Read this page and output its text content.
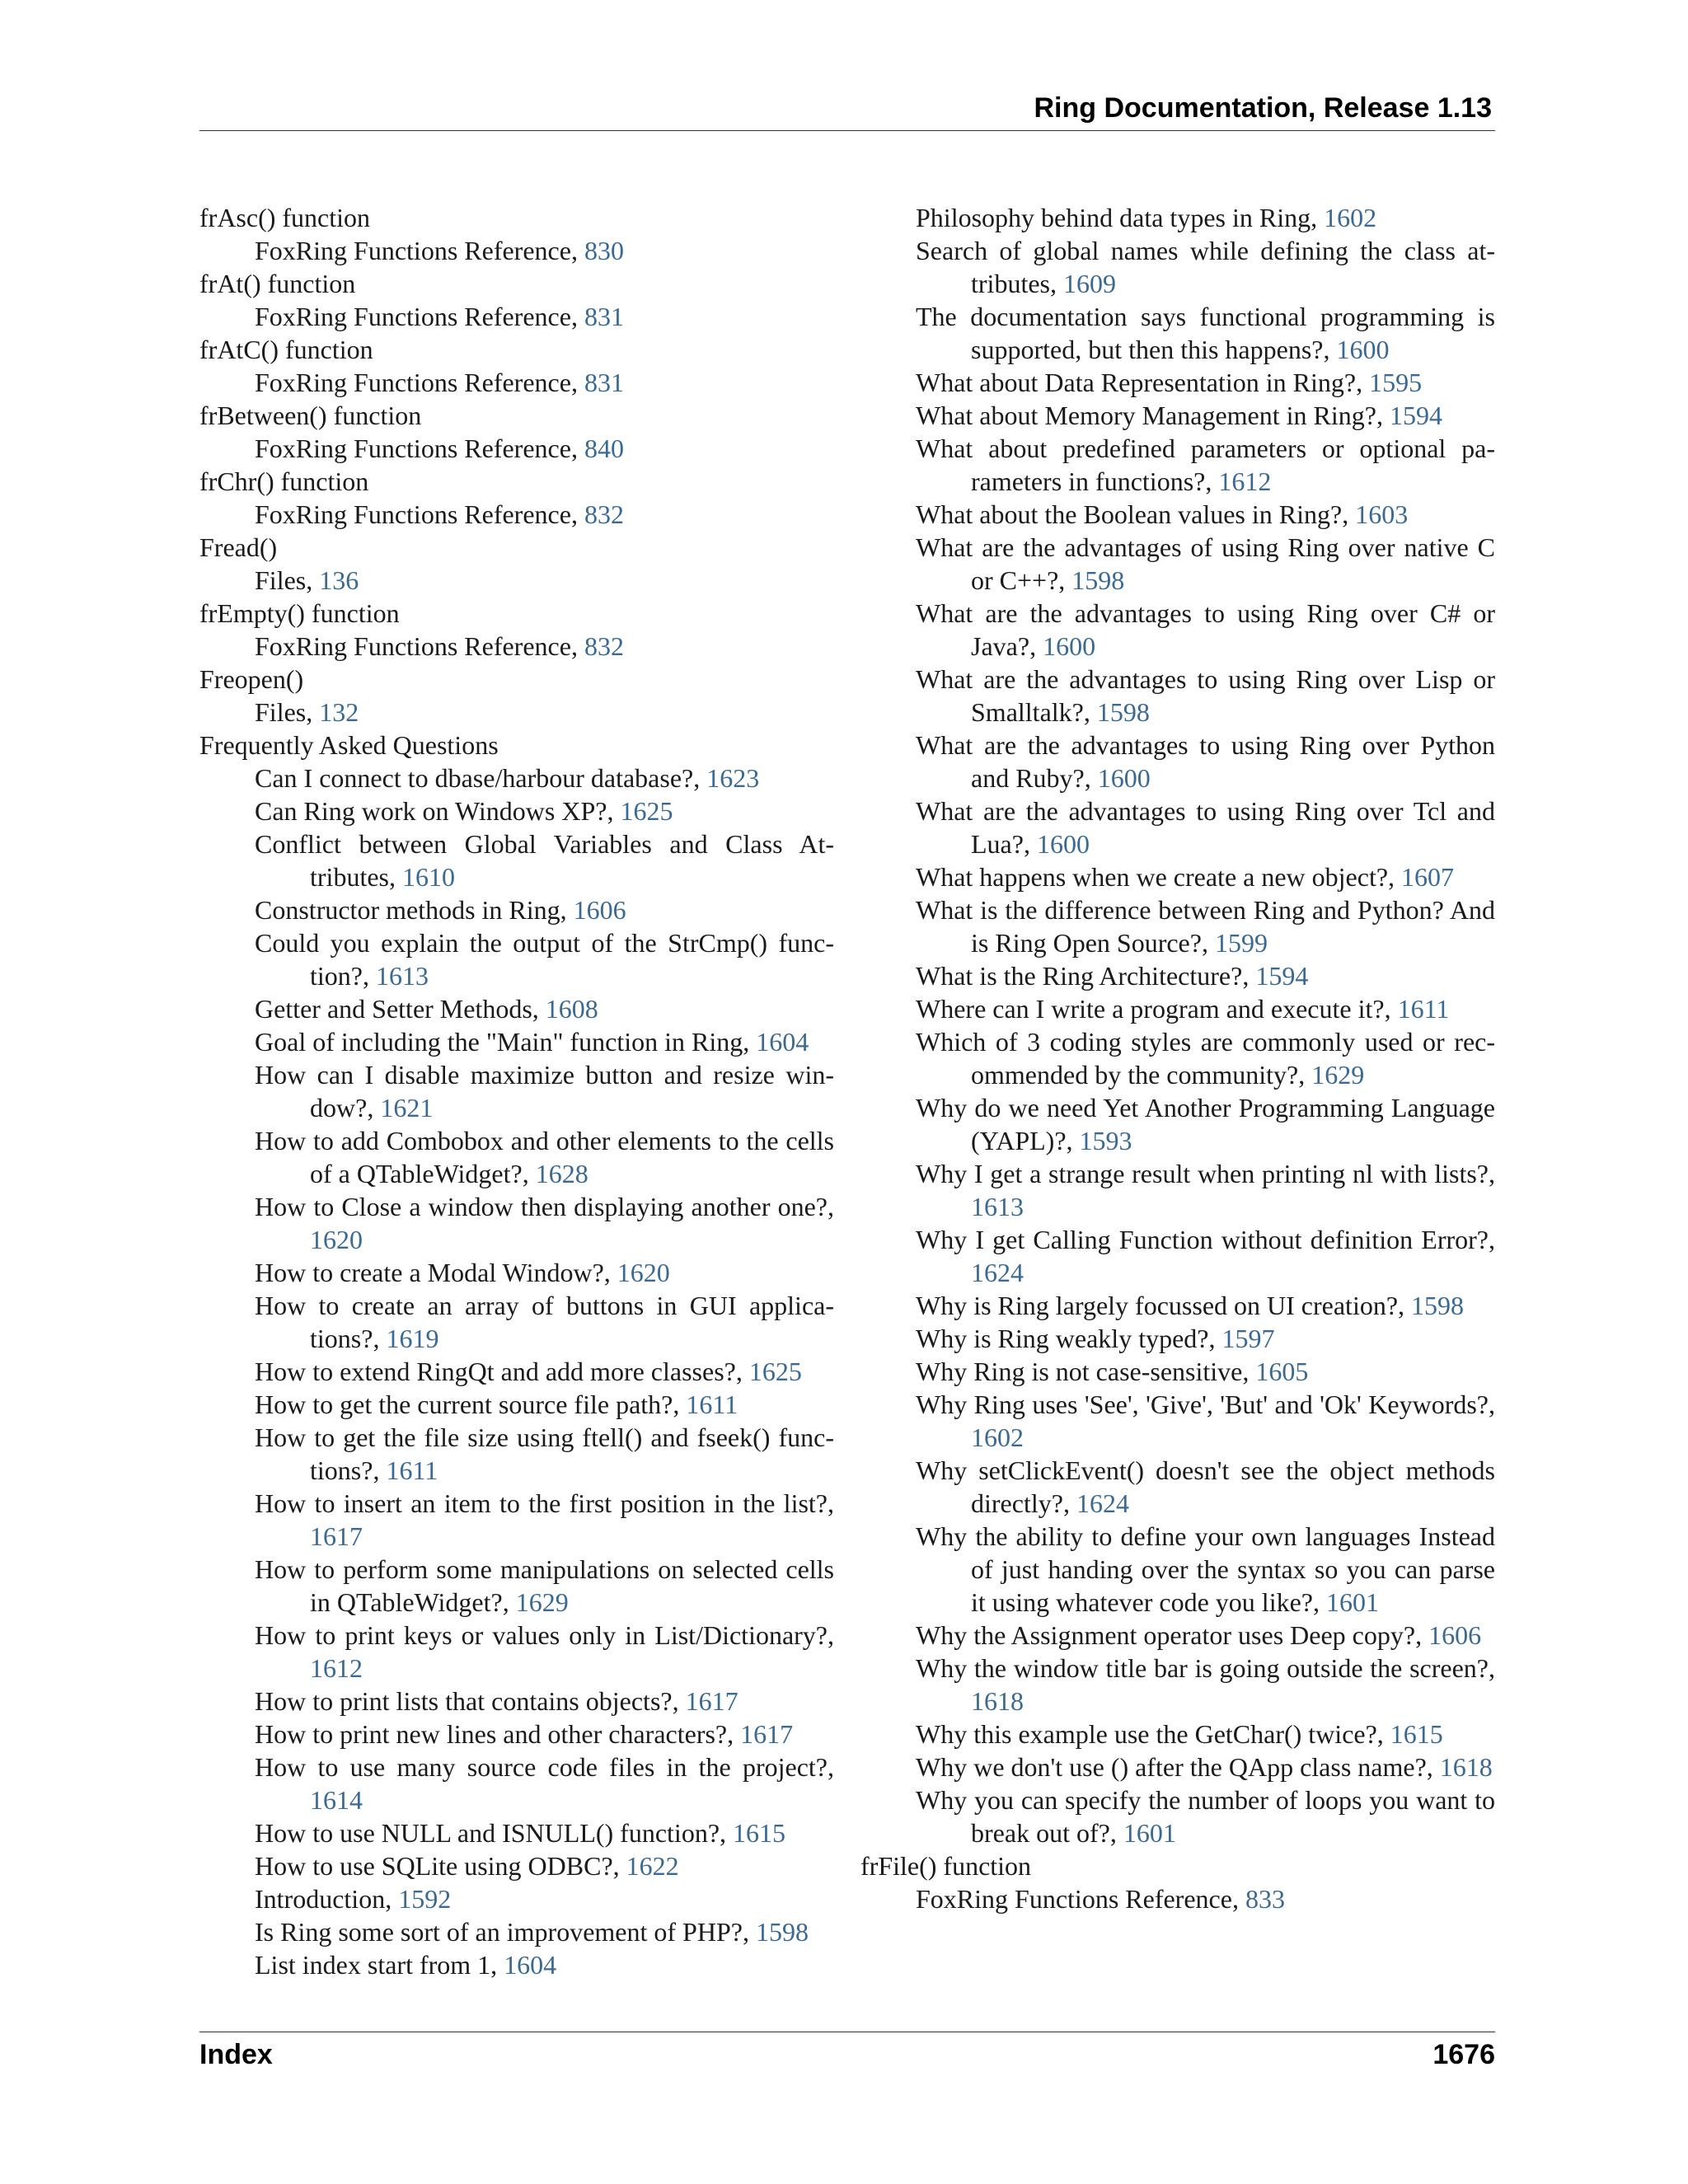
Ring Documentation, Release 1.13
frAsc() function
FoxRing Functions Reference, 830
frAt() function
FoxRing Functions Reference, 831
frAtC() function
FoxRing Functions Reference, 831
frBetween() function
FoxRing Functions Reference, 840
frChr() function
FoxRing Functions Reference, 832
Fread()
Files, 136
frEmpty() function
FoxRing Functions Reference, 832
Freopen()
Files, 132
Frequently Asked Questions
Can I connect to dbase/harbour database?, 1623
Can Ring work on Windows XP?, 1625
Conflict between Global Variables and Class Attributes, 1610
Constructor methods in Ring, 1606
Could you explain the output of the StrCmp() function?, 1613
Getter and Setter Methods, 1608
Goal of including the "Main" function in Ring, 1604
How can I disable maximize button and resize window?, 1621
How to add Combobox and other elements to the cells of a QTableWidget?, 1628
How to Close a window then displaying another one?, 1620
How to create a Modal Window?, 1620
How to create an array of buttons in GUI applications?, 1619
How to extend RingQt and add more classes?, 1625
How to get the current source file path?, 1611
How to get the file size using ftell() and fseek() functions?, 1611
How to insert an item to the first position in the list?, 1617
How to perform some manipulations on selected cells in QTableWidget?, 1629
How to print keys or values only in List/Dictionary?, 1612
How to print lists that contains objects?, 1617
How to print new lines and other characters?, 1617
How to use many source code files in the project?, 1614
How to use NULL and ISNULL() function?, 1615
How to use SQLite using ODBC?, 1622
Introduction, 1592
Is Ring some sort of an improvement of PHP?, 1598
List index start from 1, 1604
Philosophy behind data types in Ring, 1602
Search of global names while defining the class attributes, 1609
The documentation says functional programming is supported, but then this happens?, 1600
What about Data Representation in Ring?, 1595
What about Memory Management in Ring?, 1594
What about predefined parameters or optional parameters in functions?, 1612
What about the Boolean values in Ring?, 1603
What are the advantages of using Ring over native C or C++?, 1598
What are the advantages to using Ring over C# or Java?, 1600
What are the advantages to using Ring over Lisp or Smalltalk?, 1598
What are the advantages to using Ring over Python and Ruby?, 1600
What are the advantages to using Ring over Tcl and Lua?, 1600
What happens when we create a new object?, 1607
What is the difference between Ring and Python? And is Ring Open Source?, 1599
What is the Ring Architecture?, 1594
Where can I write a program and execute it?, 1611
Which of 3 coding styles are commonly used or recommended by the community?, 1629
Why do we need Yet Another Programming Language (YAPL)?, 1593
Why I get a strange result when printing nl with lists?, 1613
Why I get Calling Function without definition Error?, 1624
Why is Ring largely focussed on UI creation?, 1598
Why is Ring weakly typed?, 1597
Why Ring is not case-sensitive, 1605
Why Ring uses 'See', 'Give', 'But' and 'Ok' Keywords?, 1602
Why setClickEvent() doesn't see the object methods directly?, 1624
Why the ability to define your own languages Instead of just handing over the syntax so you can parse it using whatever code you like?, 1601
Why the Assignment operator uses Deep copy?, 1606
Why the window title bar is going outside the screen?, 1618
Why this example use the GetChar() twice?, 1615
Why we don't use () after the QApp class name?, 1618
Why you can specify the number of loops you want to break out of?, 1601
frFile() function
FoxRing Functions Reference, 833
Index	1676
